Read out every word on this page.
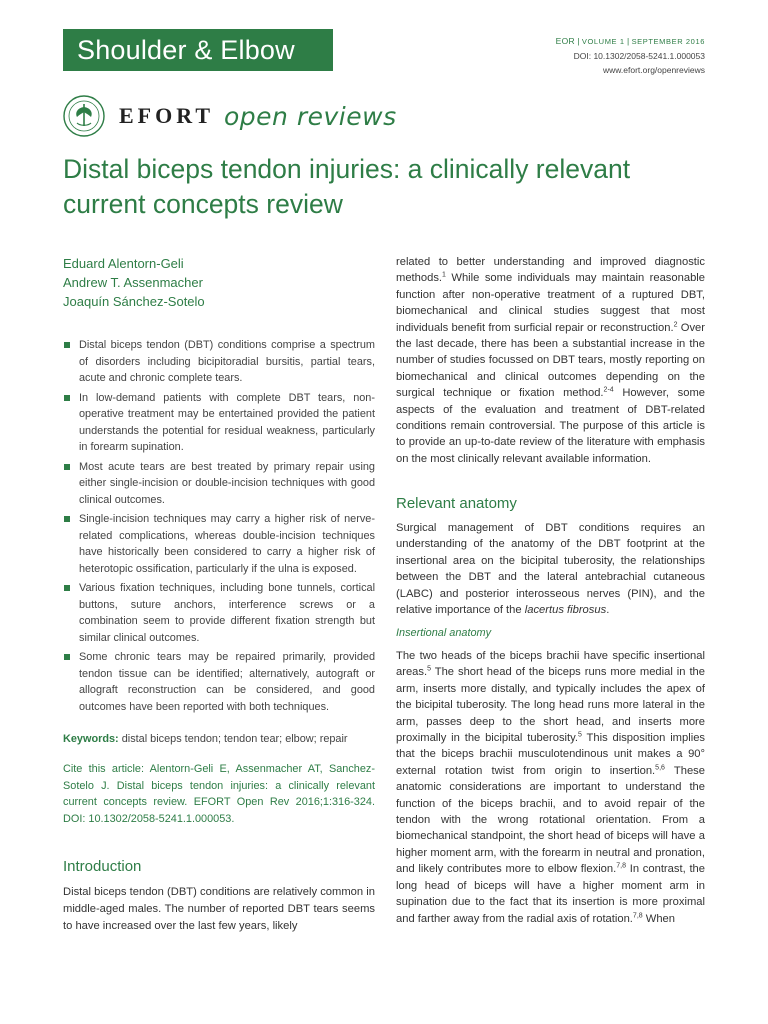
Shoulder & Elbow	EOR | VOLUME 1 | SEPTEMBER 2016
DOI: 10.1302/2058-5241.1.000053
www.efort.org/openreviews
EFORT open reviews
Distal biceps tendon injuries: a clinically relevant current concepts review
Eduard Alentorn-Geli
Andrew T. Assenmacher
Joaquín Sánchez-Sotelo
Distal biceps tendon (DBT) conditions comprise a spectrum of disorders including bicipitoradial bursitis, partial tears, acute and chronic complete tears.
In low-demand patients with complete DBT tears, non-operative treatment may be entertained provided the patient understands the potential for residual weakness, particularly in forearm supination.
Most acute tears are best treated by primary repair using either single-incision or double-incision techniques with good clinical outcomes.
Single-incision techniques may carry a higher risk of nerve-related complications, whereas double-incision techniques have historically been considered to carry a higher risk of heterotopic ossification, particularly if the ulna is exposed.
Various fixation techniques, including bone tunnels, cortical buttons, suture anchors, interference screws or a combination seem to provide different fixation strength but similar clinical outcomes.
Some chronic tears may be repaired primarily, provided tendon tissue can be identified; alternatively, autograft or allograft reconstruction can be considered, and good outcomes have been reported with both techniques.
Keywords: distal biceps tendon; tendon tear; elbow; repair
Cite this article: Alentorn-Geli E, Assenmacher AT, Sanchez-Sotelo J. Distal biceps tendon injuries: a clinically relevant current concepts review. EFORT Open Rev 2016;1:316-324. DOI: 10.1302/2058-5241.1.000053.
Introduction
Distal biceps tendon (DBT) conditions are relatively common in middle-aged males. The number of reported DBT tears seems to have increased over the last few years, likely
related to better understanding and improved diagnostic methods.$^1$ While some individuals may maintain reasonable function after non-operative treatment of a ruptured DBT, biomechanical and clinical studies suggest that most individuals benefit from surficial repair or reconstruction.$^2$ Over the last decade, there has been a substantial increase in the number of studies focussed on DBT tears, mostly reporting on biomechanical and clinical outcomes depending on the surgical technique or fixation method.$^{2-4}$ However, some aspects of the evaluation and treatment of DBT-related conditions remain controversial. The purpose of this article is to provide an up-to-date review of the literature with emphasis on the most clinically relevant available information.
Relevant anatomy
Surgical management of DBT conditions requires an understanding of the anatomy of the DBT footprint at the insertional area on the bicipital tuberosity, the relationships between the DBT and the lateral antebrachial cutaneous (LABC) and posterior interosseous nerves (PIN), and the relative importance of the lacertus fibrosus.
Insertional anatomy
The two heads of the biceps brachii have specific insertional areas.$^5$ The short head of the biceps runs more medial in the arm, inserts more distally, and typically includes the apex of the bicipital tuberosity. The long head runs more lateral in the arm, passes deep to the short head, and inserts more proximally in the bicipital tuberosity.$^5$ This disposition implies that the biceps brachii musculotendinous unit makes a 90° external rotation twist from origin to insertion.$^{5,6}$ These anatomic considerations are important to understand the function of the biceps brachii, and to avoid repair of the tendon with the wrong rotational orientation. From a biomechanical standpoint, the short head of biceps will have a higher moment arm, with the forearm in neutral and pronation, and likely contributes more to elbow flexion.$^{7,8}$ In contrast, the long head of biceps will have a higher moment arm in supination due to the fact that its insertion is more proximal and farther away from the radial axis of rotation.$^{7,8}$ When
